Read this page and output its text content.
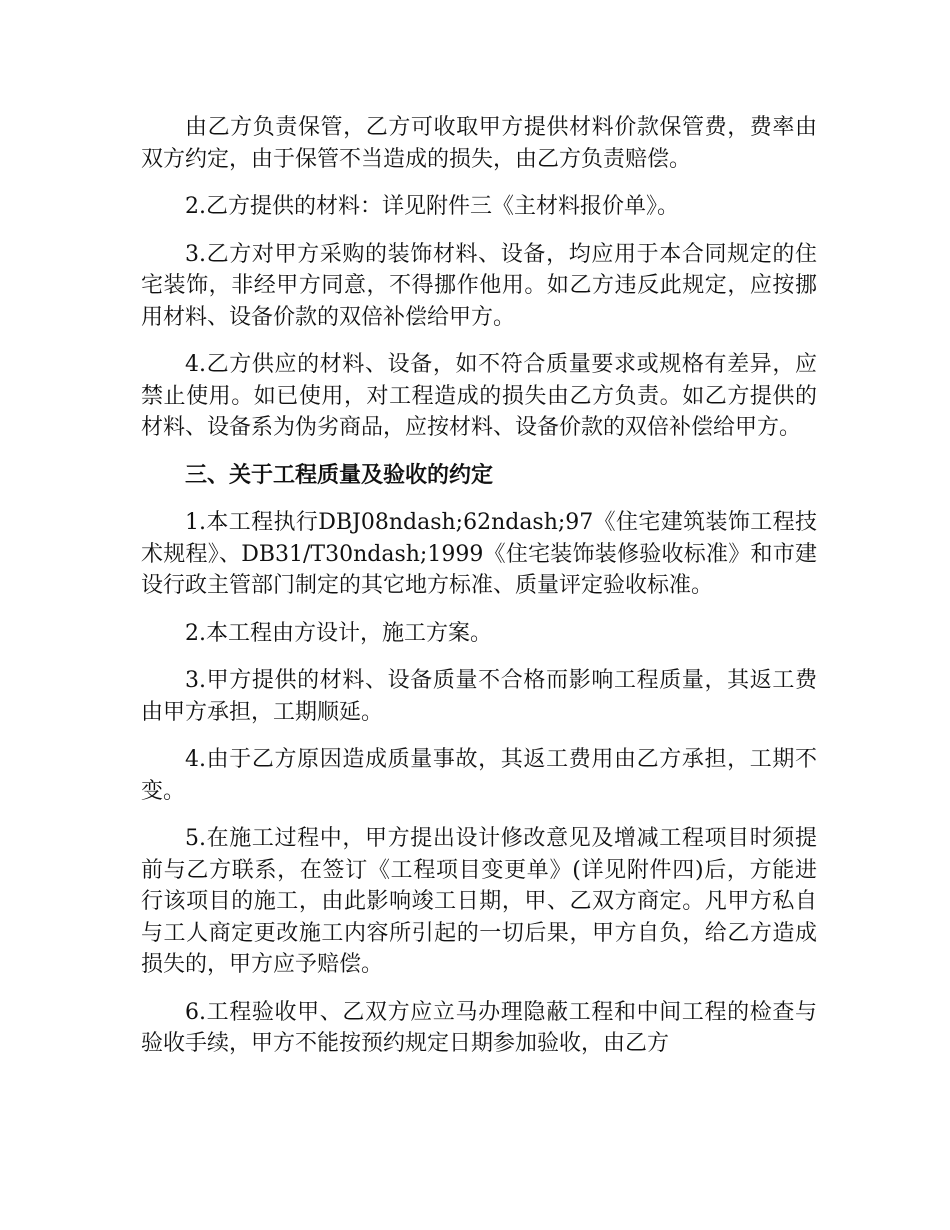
由乙方负责保管，乙方可收取甲方提供材料价款保管费，费率由双方约定，由于保管不当造成的损失，由乙方负责赔偿。

2.乙方提供的材料：详见附件三《主材料报价单》。

3.乙方对甲方采购的装饰材料、设备，均应用于本合同规定的住宅装饰，非经甲方同意，不得挪作他用。如乙方违反此规定，应按挪用材料、设备价款的双倍补偿给甲方。

4.乙方供应的材料、设备，如不符合质量要求或规格有差异，应禁止使用。如已使用，对工程造成的损失由乙方负责。如乙方提供的材料、设备系为伪劣商品，应按材料、设备价款的双倍补偿给甲方。

三、关于工程质量及验收的约定

1.本工程执行DBJ08ndash;62ndash;97《住宅建筑装饰工程技术规程》、DB31/T30ndash;1999《住宅装饰装修验收标准》和市建设行政主管部门制定的其它地方标准、质量评定验收标准。

2.本工程由方设计，施工方案。

3.甲方提供的材料、设备质量不合格而影响工程质量，其返工费由甲方承担，工期顺延。

4.由于乙方原因造成质量事故，其返工费用由乙方承担，工期不变。

5.在施工过程中，甲方提出设计修改意见及增减工程项目时须提前与乙方联系，在签订《工程项目变更单》(详见附件四)后，方能进行该项目的施工，由此影响竣工日期，甲、乙双方商定。凡甲方私自与工人商定更改施工内容所引起的一切后果，甲方自负，给乙方造成损失的，甲方应予赔偿。

6.工程验收甲、乙双方应立马办理隐蔽工程和中间工程的检查与验收手续，甲方不能按预约规定日期参加验收，由乙方
